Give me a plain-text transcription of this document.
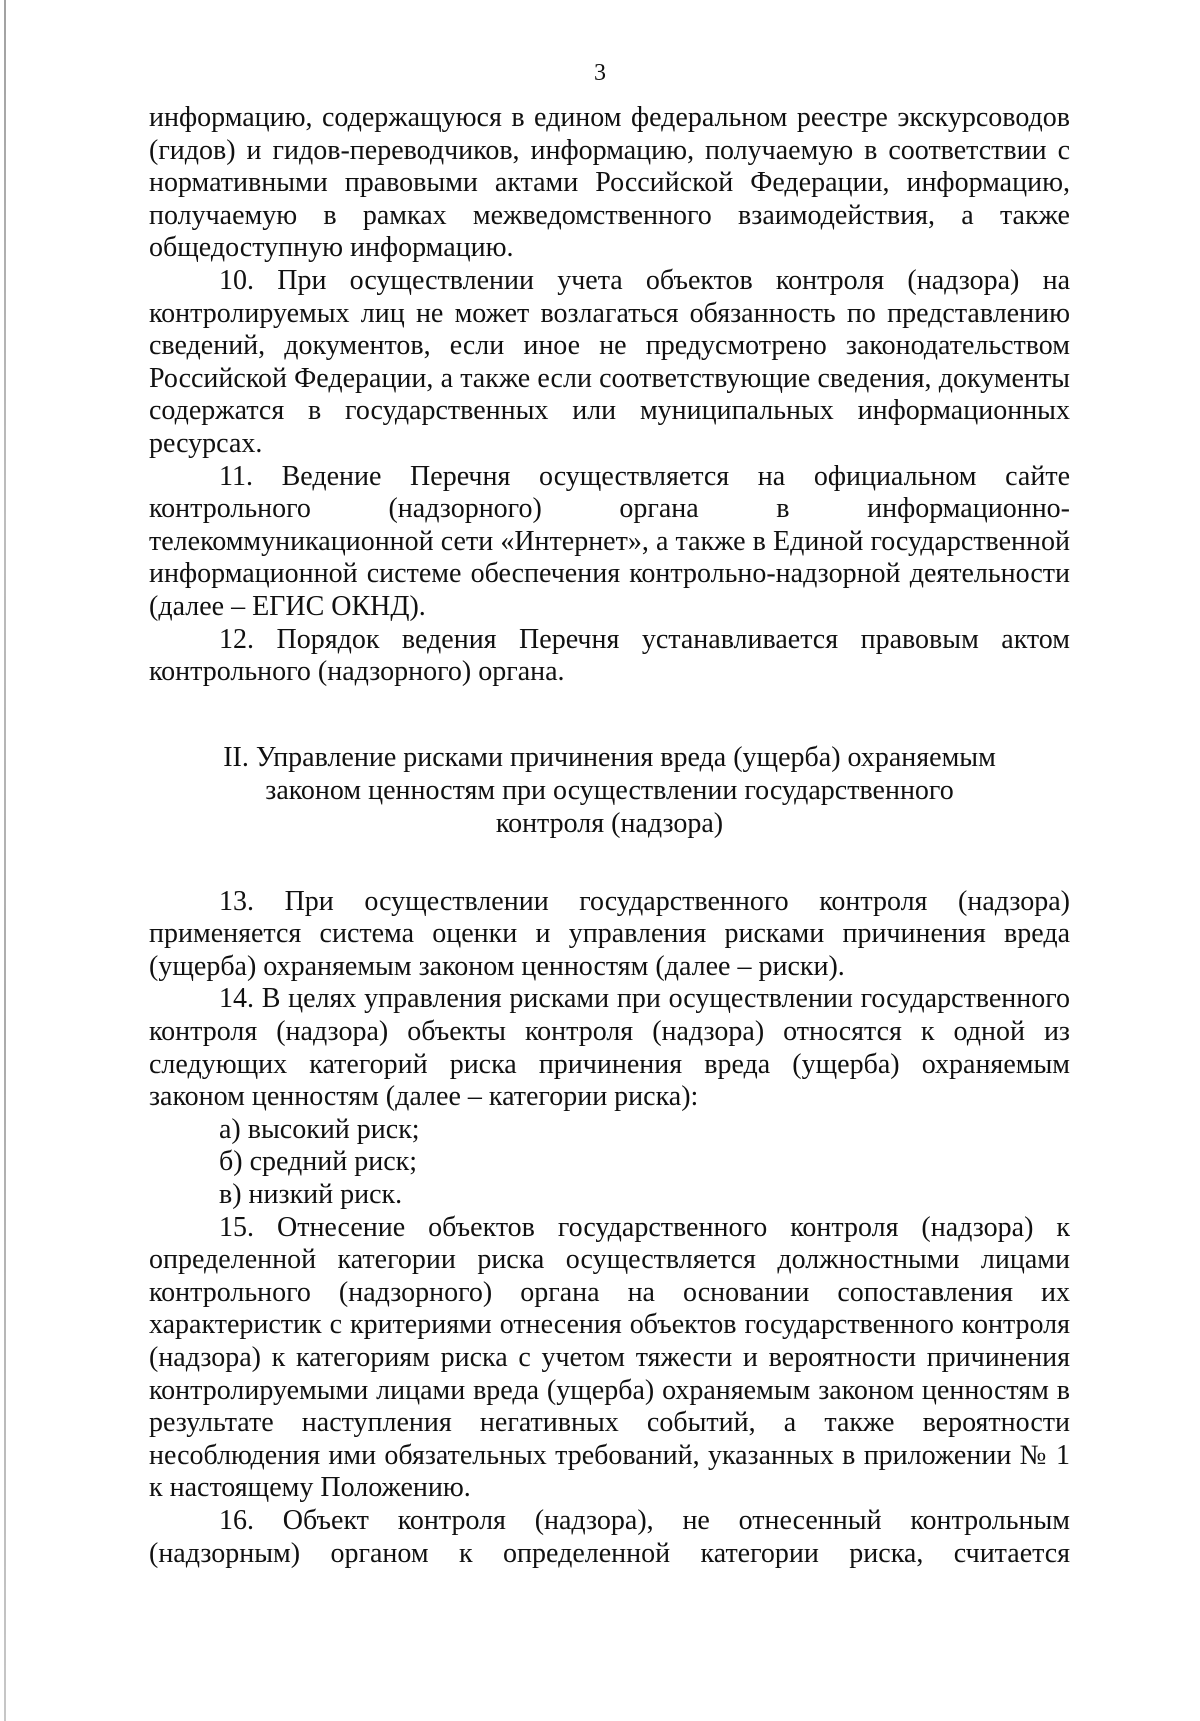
3
информацию, содержащуюся в едином федеральном реестре экскурсоводов (гидов) и гидов-переводчиков, информацию, получаемую в соответствии с нормативными правовыми актами Российской Федерации, информацию, получаемую в рамках межведомственного взаимодействия, а также общедоступную информацию.
10. При осуществлении учета объектов контроля (надзора) на контролируемых лиц не может возлагаться обязанность по представлению сведений, документов, если иное не предусмотрено законодательством Российской Федерации, а также если соответствующие сведения, документы содержатся в государственных или муниципальных информационных ресурсах.
11. Ведение Перечня осуществляется на официальном сайте контрольного (надзорного) органа в информационно-телекоммуникационной сети «Интернет», а также в Единой государственной информационной системе обеспечения контрольно-надзорной деятельности (далее – ЕГИС ОКНД).
12. Порядок ведения Перечня устанавливается правовым актом контрольного (надзорного) органа.
II. Управление рисками причинения вреда (ущерба) охраняемым
законом ценностям при осуществлении государственного
контроля (надзора)
13. При осуществлении государственного контроля (надзора) применяется система оценки и управления рисками причинения вреда (ущерба) охраняемым законом ценностям (далее – риски).
14. В целях управления рисками при осуществлении государственного контроля (надзора) объекты контроля (надзора) относятся к одной из следующих категорий риска причинения вреда (ущерба) охраняемым законом ценностям (далее – категории риска):
а) высокий риск;
б) средний риск;
в) низкий риск.
15. Отнесение объектов государственного контроля (надзора) к определенной категории риска осуществляется должностными лицами контрольного (надзорного) органа на основании сопоставления их характеристик с критериями отнесения объектов государственного контроля (надзора) к категориям риска с учетом тяжести и вероятности причинения контролируемыми лицами вреда (ущерба) охраняемым законом ценностям в результате наступления негативных событий, а также вероятности несоблюдения ими обязательных требований, указанных в приложении № 1 к настоящему Положению.
16. Объект контроля (надзора), не отнесенный контрольным (надзорным) органом к определенной категории риска, считается
